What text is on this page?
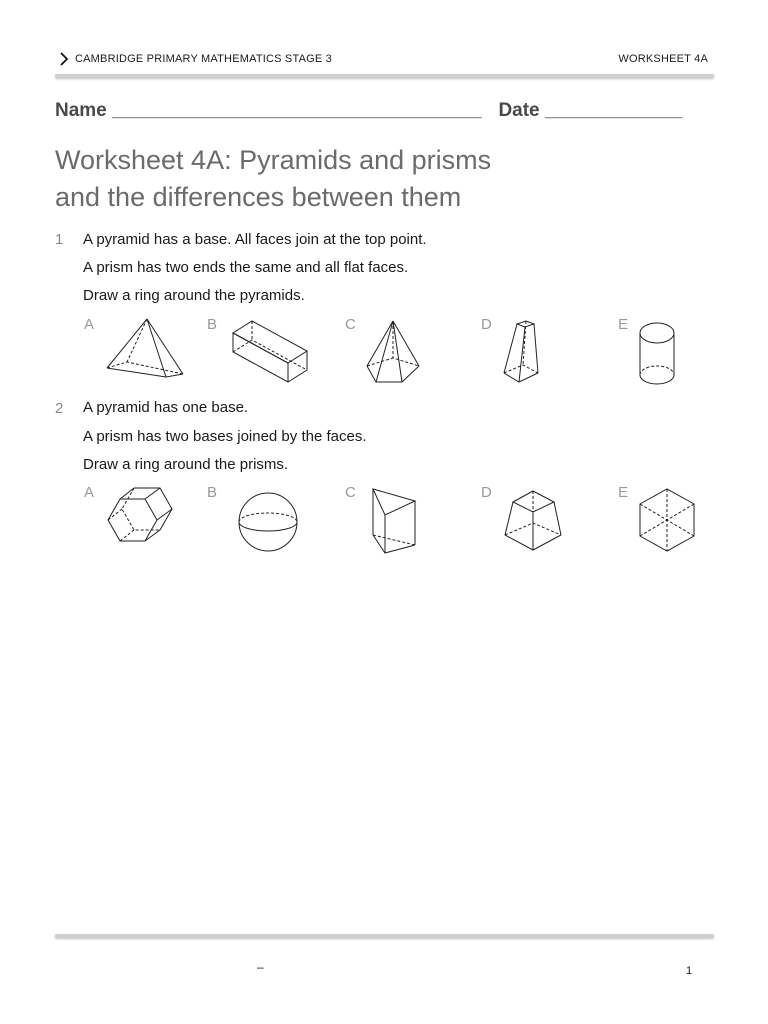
CAMBRIDGE PRIMARY MATHEMATICS STAGE 3	WORKSHEET 4A
Name ___________________________________ Date _____________
Worksheet 4A: Pyramids and prisms
and the differences between them
1 A pyramid has a base. All faces join at the top point.
A prism has two ends the same and all flat faces.
Draw a ring around the pyramids.
A	B	C	D	E
2 A pyramid has one base.
A prism has two bases joined by the faces.
Draw a ring around the prisms.
A	B	C	D	E
–	1
